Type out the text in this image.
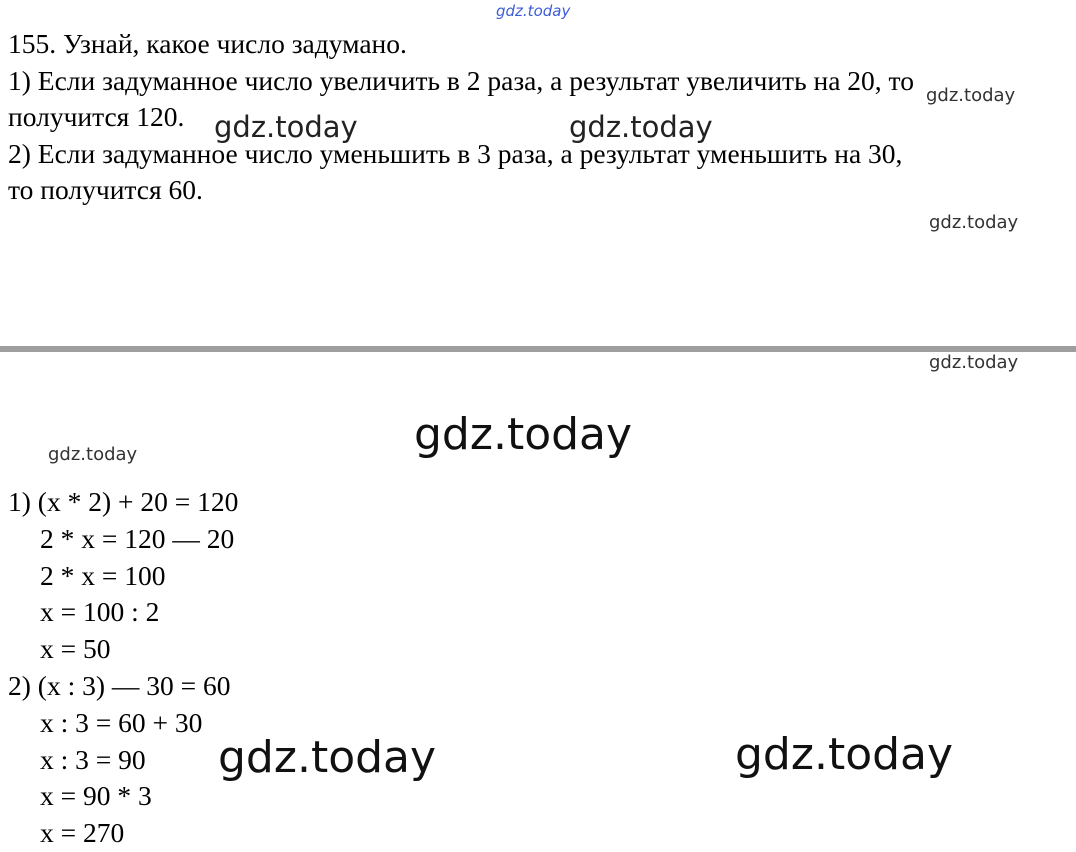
155. Узнай, какое число задумано.
1) Если задуманное число увеличить в 2 раза, а результат увеличить на 20, то
получится 120.
2) Если задуманное число уменьшить в 3 раза, а результат уменьшить на 30,
то получится 60.
1) (x * 2) + 20 = 120
2 * x = 120 — 20
2 * x = 100
x = 100 : 2
x = 50
2) (x : 3) — 30 = 60
x : 3 = 60 + 30
x : 3 = 90
x = 90 * 3
x = 270
gdz.today
gdz.today
gdz.today	gdz.today
gdz.today
gdz.today
gdz.today
gdz.today
gdz.today	gdz.today
